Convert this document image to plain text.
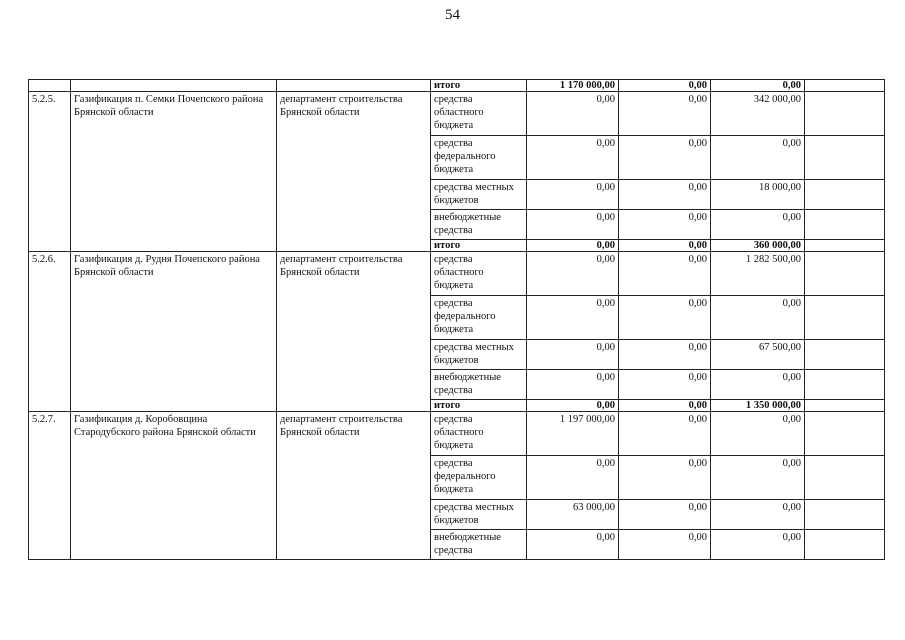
54
			итого	1 170 000,00	0,00	0,00	
5.2.5.	Газификация п. Семки Почепского района Брянской области	департамент строительства Брянской области	средства областного бюджета	0,00	0,00	342 000,00	
			средства федерального бюджета	0,00	0,00	0,00	
			средства местных бюджетов	0,00	0,00	18 000,00	
			внебюджетные средства	0,00	0,00	0,00	
			итого	0,00	0,00	360 000,00	
5.2.6.	Газификация д. Рудня Почепского района Брянской области	департамент строительства Брянской области	средства областного бюджета	0,00	0,00	1 282 500,00	
			средства федерального бюджета	0,00	0,00	0,00	
			средства местных бюджетов	0,00	0,00	67 500,00	
			внебюджетные средства	0,00	0,00	0,00	
			итого	0,00	0,00	1 350 000,00	
5.2.7.	Газификация д. Коробовщина Стародубского района Брянской области	департамент строительства Брянской области	средства областного бюджета	1 197 000,00	0,00	0,00	
			средства федерального бюджета	0,00	0,00	0,00	
			средства местных бюджетов	63 000,00	0,00	0,00	
			внебюджетные средства	0,00	0,00	0,00	
